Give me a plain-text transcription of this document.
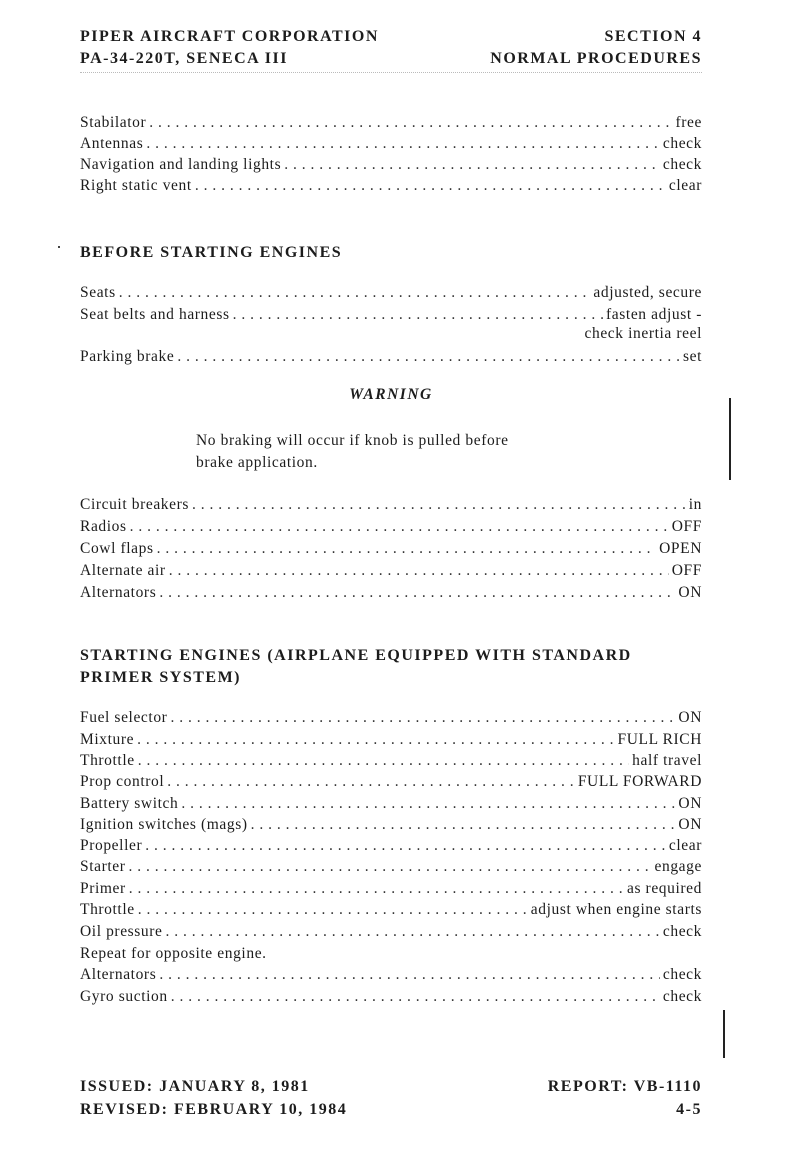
PIPER AIRCRAFT CORPORATION
PA-34-220T, SENECA III
SECTION 4
NORMAL PROCEDURES
Stabilator . . .	free
Antennas . . .	check
Navigation and landing lights . . .	check
Right static vent . . .	clear
BEFORE STARTING ENGINES
Seats . . .	adjusted, secure
Seat belts and harness . . .	fasten adjust -
check inertia reel
Parking brake . . .	set
WARNING
No braking will occur if knob is pulled before
brake application.
Circuit breakers . . .	in
Radios . . .	OFF
Cowl flaps . . .	OPEN
Alternate air . . .	OFF
Alternators . . .	ON
STARTING ENGINES (AIRPLANE EQUIPPED WITH STANDARD
PRIMER SYSTEM)
Fuel selector . . .	ON
Mixture . . .	FULL RICH
Throttle . . .	half travel
Prop control . . .	FULL FORWARD
Battery switch . . .	ON
Ignition switches (mags) . . .	ON
Propeller . . .	clear
Starter . . .	engage
Primer . . .	as required
Throttle . . .	adjust when engine starts
Oil pressure . . .	check
Repeat for opposite engine.
Alternators . . .	check
Gyro suction . . .	check
ISSUED: JANUARY 8, 1981
REVISED: FEBRUARY 10, 1984
REPORT: VB-1110
4-5
